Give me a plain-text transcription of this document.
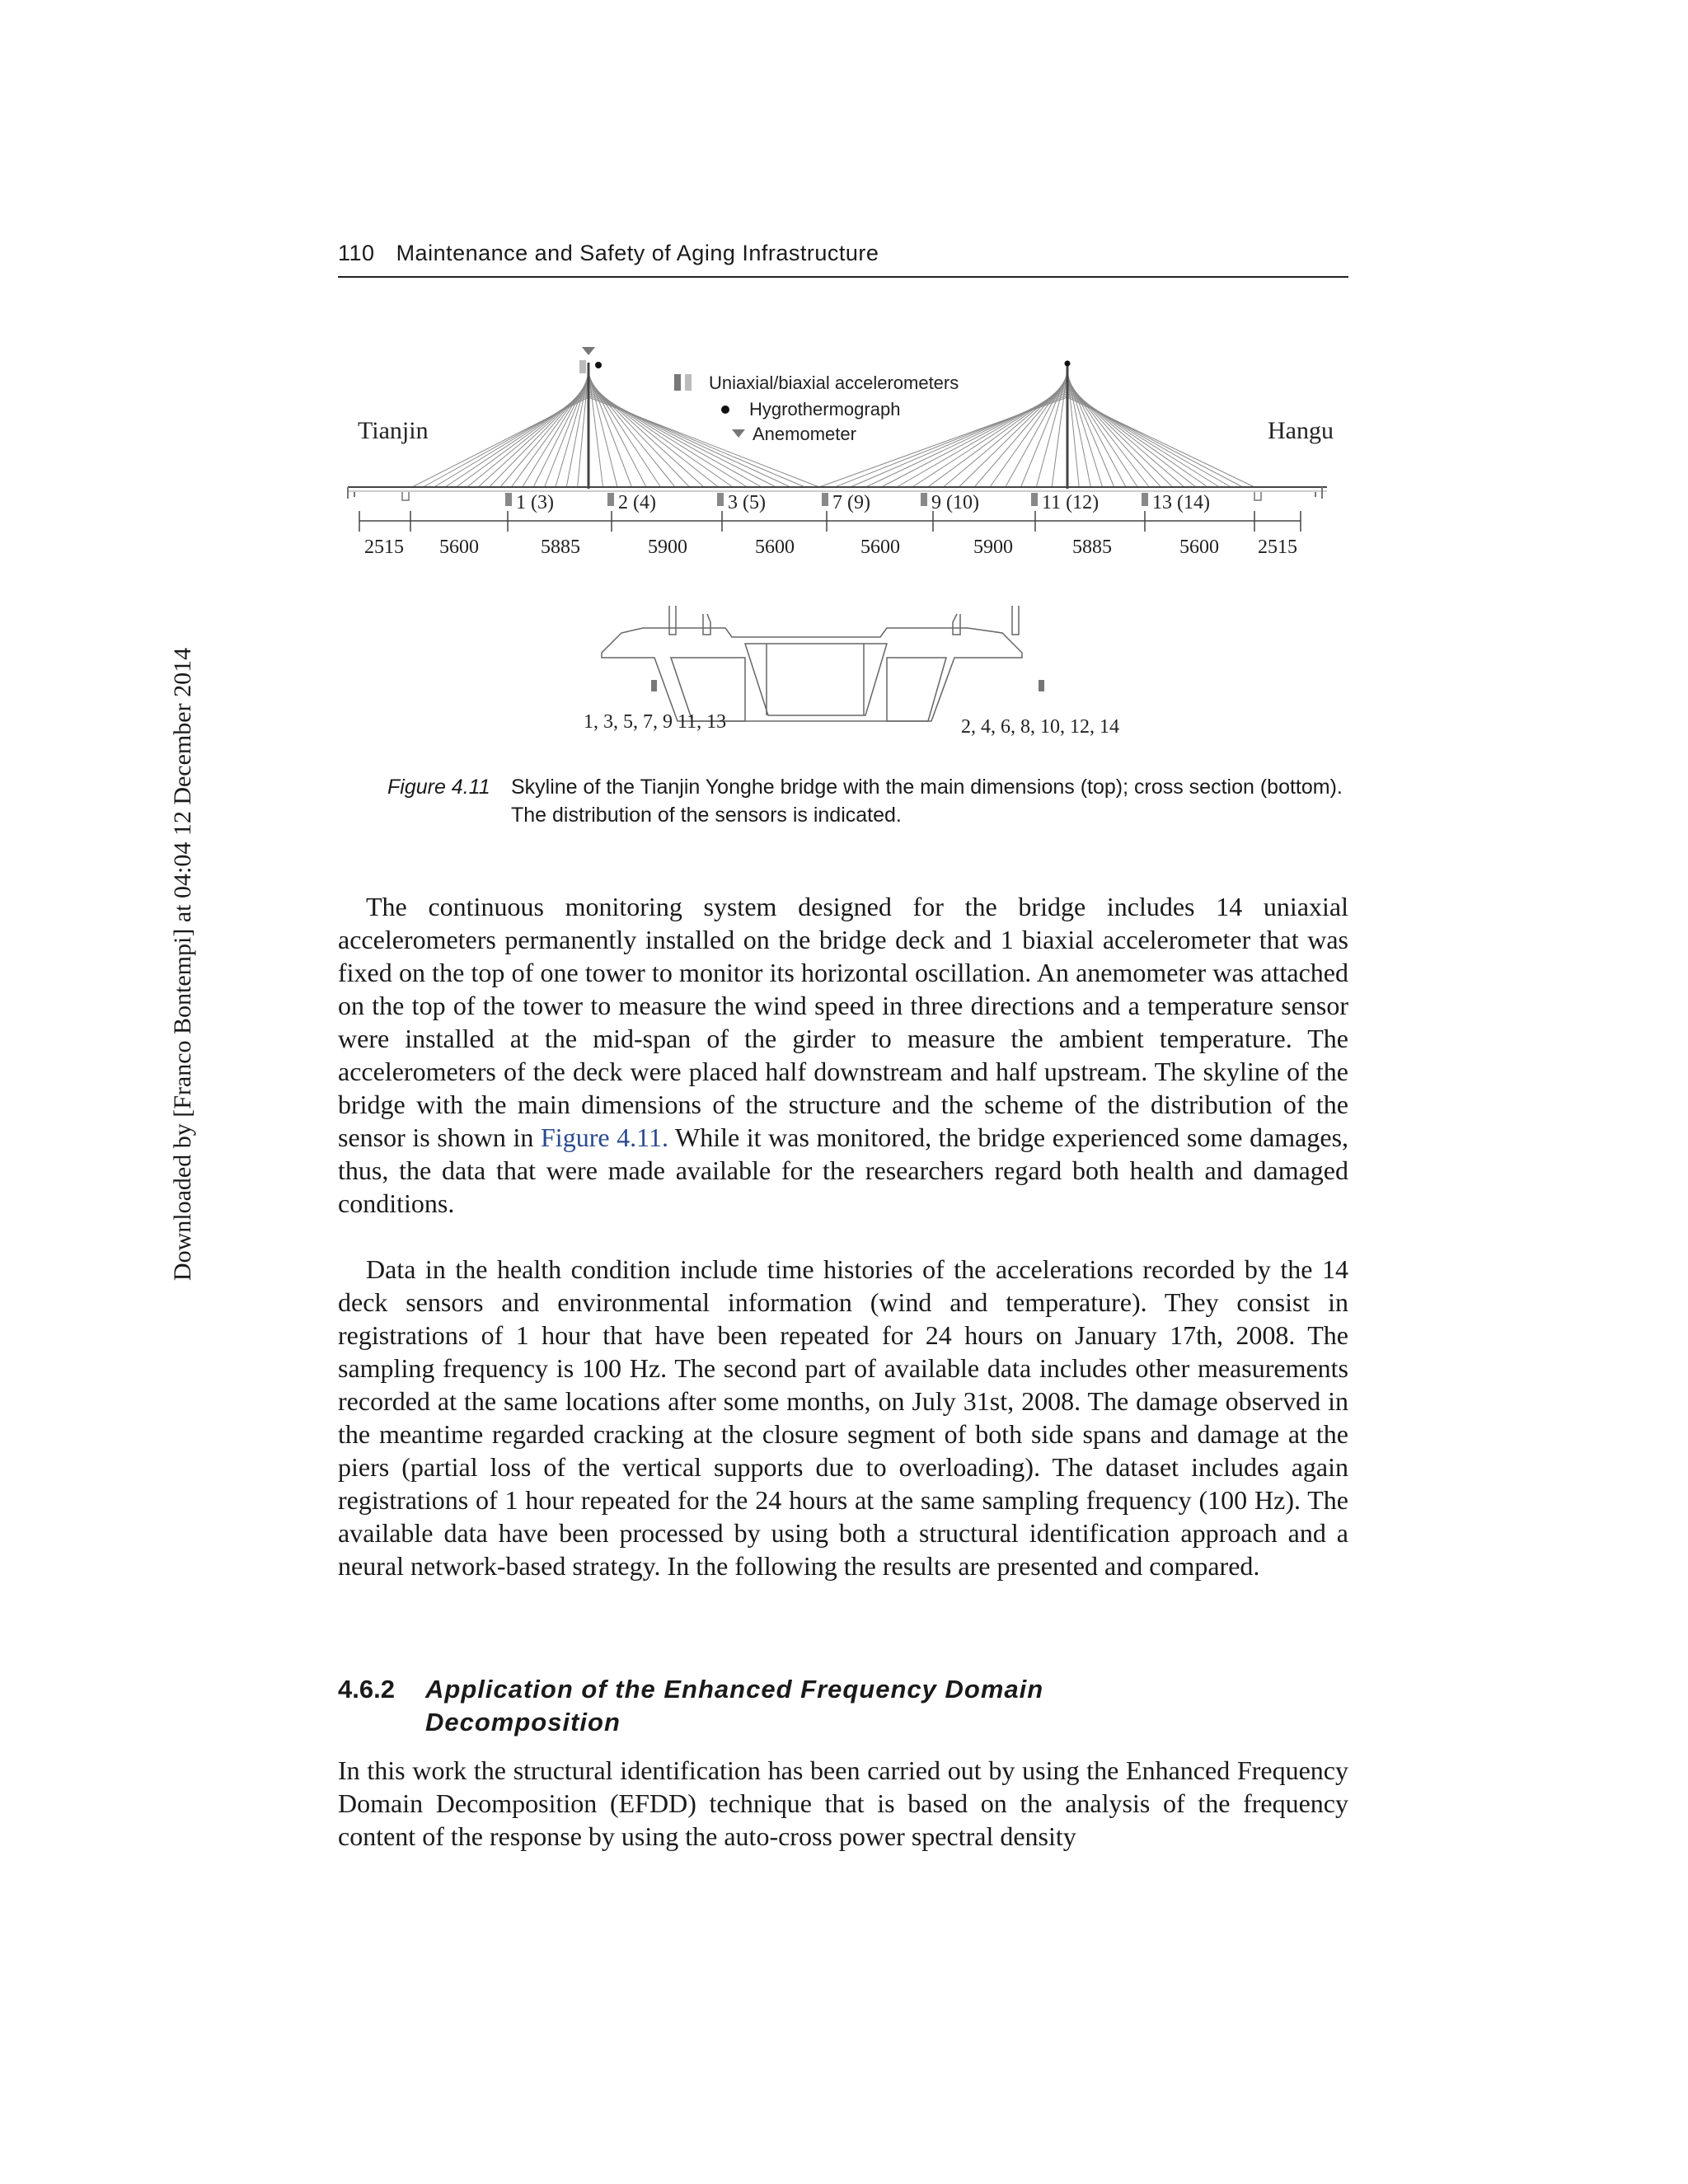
Downloaded by [Franco Bontempi] at 04:04 12 December 2014
110 Maintenance and Safety of Aging Infrastructure
Uniaxial/biaxial accelerometers
Hygrothermograph
Anemometer
Tianjin	Hangu
1 (3)	2 (4)	3 (5)	7 (9)	9 (10)	11 (12)	13 (14)
2515 5600	5885	5900	5600	5600	5900	5885	5600 2515
1, 3, 5, 7, 9 11, 13	2, 4, 6, 8, 10, 12, 14
Figure 4.11	Skyline of the Tianjin Yonghe bridge with the main dimensions (top); cross section (bottom). The distribution of the sensors is indicated.
The continuous monitoring system designed for the bridge includes 14 uniaxial accelerometers permanently installed on the bridge deck and 1 biaxial accelerometer that was fixed on the top of one tower to monitor its horizontal oscillation. An anemometer was attached on the top of the tower to measure the wind speed in three directions and a temperature sensor were installed at the mid-span of the girder to measure the ambient temperature. The accelerometers of the deck were placed half downstream and half upstream. The skyline of the bridge with the main dimensions of the structure and the scheme of the distribution of the sensor is shown in Figure 4.11. While it was monitored, the bridge experienced some damages, thus, the data that were made available for the researchers regard both health and damaged conditions.
Data in the health condition include time histories of the accelerations recorded by the 14 deck sensors and environmental information (wind and temperature). They consist in registrations of 1 hour that have been repeated for 24 hours on January 17th, 2008. The sampling frequency is 100 Hz. The second part of available data includes other measurements recorded at the same locations after some months, on July 31st, 2008. The damage observed in the meantime regarded cracking at the closure segment of both side spans and damage at the piers (partial loss of the vertical supports due to overloading). The dataset includes again registrations of 1 hour repeated for the 24 hours at the same sampling frequency (100 Hz). The available data have been processed by using both a structural identification approach and a neural network-based strategy. In the following the results are presented and compared.
4.6.2	Application of the Enhanced Frequency Domain Decomposition
In this work the structural identification has been carried out by using the Enhanced Frequency Domain Decomposition (EFDD) technique that is based on the analysis of the frequency content of the response by using the auto-cross power spectral density
